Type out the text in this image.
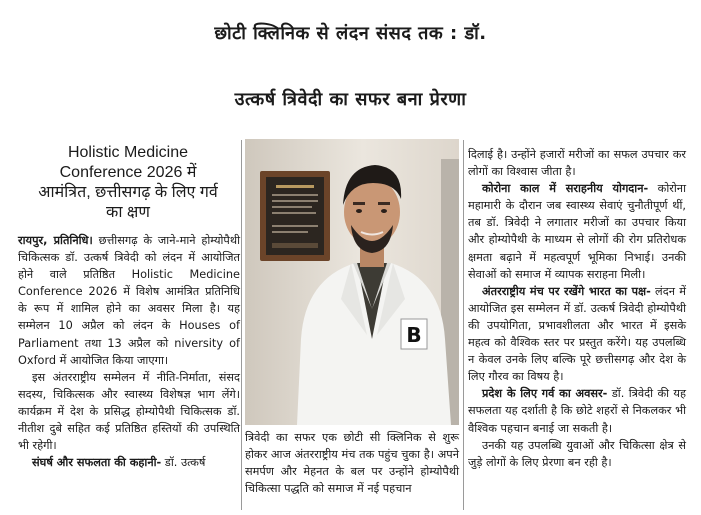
छोटी क्लिनिक से लंदन संसद तक : डॉ.
उत्कर्ष त्रिवेदी का सफर बना प्रेरणा
Holistic Medicine
Conference 2026 में
आमंत्रित, छत्तीसगढ़ के लिए गर्व
का क्षण

रायपुर, प्रतिनिधि। छत्तीसगढ़ के जाने-माने होम्योपैथी चिकित्सक डॉ. उत्कर्ष त्रिवेदी को लंदन में आयोजित होने वाले प्रतिष्ठित Holistic Medicine Conference 2026 में विशेष आमंत्रित प्रतिनिधि के रूप में शामिल होने का अवसर मिला है। यह सम्मेलन 10 अप्रैल को लंदन के Houses of Parliament तथा 13 अप्रैल को niversity of Oxford में आयोजित किया जाएगा।

इस अंतरराष्ट्रीय सम्मेलन में नीति-निर्माता, संसद सदस्य, चिकित्सक और स्वास्थ्य विशेषज्ञ भाग लेंगे। कार्यक्रम में देश के प्रसिद्ध होम्योपैथी चिकित्सक डॉ. नीतीश दुबे सहित कई प्रतिष्ठित हस्तियों की उपस्थिति भी रहेगी।

संघर्ष और सफलता की कहानी- डॉ. उत्कर्ष

B

त्रिवेदी का सफर एक छोटी सी क्लिनिक से शुरू होकर आज अंतरराष्ट्रीय मंच तक पहुंच चुका है। अपने समर्पण और मेहनत के बल पर उन्होंने होम्योपैथी चिकित्सा पद्धति को समाज में नई पहचान

दिलाई है। उन्होंने हजारों मरीजों का सफल उपचार कर लोगों का विश्वास जीता है।

कोरोना काल में सराहनीय योगदान- कोरोना महामारी के दौरान जब स्वास्थ्य सेवाएं चुनौतीपूर्ण थीं, तब डॉ. त्रिवेदी ने लगातार मरीजों का उपचार किया और होम्योपैथी के माध्यम से लोगों की रोग प्रतिरोधक क्षमता बढ़ाने में महत्वपूर्ण भूमिका निभाई। उनकी सेवाओं को समाज में व्यापक सराहना मिली।

अंतरराष्ट्रीय मंच पर रखेंगे भारत का पक्ष- लंदन में आयोजित इस सम्मेलन में डॉ. उत्कर्ष त्रिवेदी होम्योपैथी की उपयोगिता, प्रभावशीलता और भारत में इसके महत्व को वैश्विक स्तर पर प्रस्तुत करेंगे। यह उपलब्धि न केवल उनके लिए बल्कि पूरे छत्तीसगढ़ और देश के लिए गौरव का विषय है।

प्रदेश के लिए गर्व का अवसर- डॉ. त्रिवेदी की यह सफलता यह दर्शाती है कि छोटे शहरों से निकलकर भी वैश्विक पहचान बनाई जा सकती है।

उनकी यह उपलब्धि युवाओं और चिकित्सा क्षेत्र से जुड़े लोगों के लिए प्रेरणा बन रही है।
